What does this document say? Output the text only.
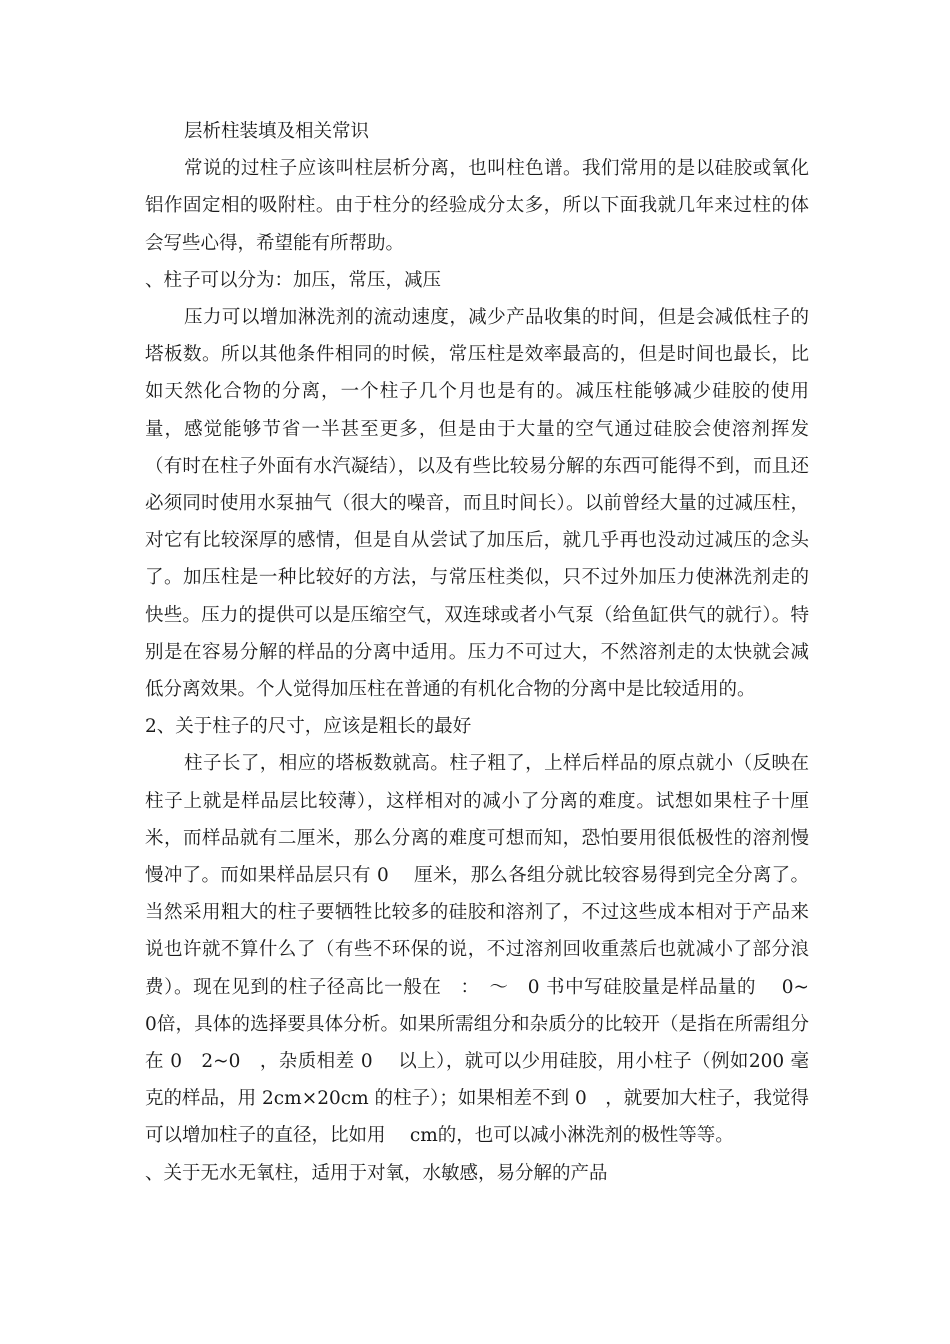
层析柱装填及相关常识

常说的过柱子应该叫柱层析分离，也叫柱色谱。我们常用的是以硅胶或氧化铝作固定相的吸附柱。由于柱分的经验成分太多，所以下面我就几年来过柱的体会写些心得，希望能有所帮助。

、柱子可以分为：加压，常压，减压

压力可以增加淋洗剂的流动速度，减少产品收集的时间，但是会减低柱子的塔板数。所以其他条件相同的时候，常压柱是效率最高的，但是时间也最长，比如天然化合物的分离，一个柱子几个月也是有的。减压柱能够减少硅胶的使用量，感觉能够节省一半甚至更多，但是由于大量的空气通过硅胶会使溶剂挥发（有时在柱子外面有水汽凝结），以及有些比较易分解的东西可能得不到，而且还必须同时使用水泵抽气（很大的噪音，而且时间长）。以前曾经大量的过减压柱，对它有比较深厚的感情，但是自从尝试了加压后，就几乎再也没动过减压的念头了。加压柱是一种比较好的方法，与常压柱类似，只不过外加压力使淋洗剂走的快些。压力的提供可以是压缩空气，双连球或者小气泵（给鱼缸供气的就行）。特别是在容易分解的样品的分离中适用。压力不可过大，不然溶剂走的太快就会减低分离效果。个人觉得加压柱在普通的有机化合物的分离中是比较适用的。

2、关于柱子的尺寸，应该是粗长的最好

柱子长了，相应的塔板数就高。柱子粗了，上样后样品的原点就小（反映在柱子上就是样品层比较薄），这样相对的减小了分离的难度。试想如果柱子十厘米，而样品就有二厘米，那么分离的难度可想而知，恐怕要用很低极性的溶剂慢慢冲了。而如果样品层只有 0　 厘米，那么各组分就比较容易得到完全分离了。当然采用粗大的柱子要牺牲比较多的硅胶和溶剂了，不过这些成本相对于产品来说也许就不算什么了（有些不环保的说，不过溶剂回收重蒸后也就减小了部分浪费）。现在见到的柱子径高比一般在　：　～　0 书中写硅胶量是样品量的　 0~　0倍，具体的选择要具体分析。如果所需组分和杂质分的比较开（是指在所需组分　 在 0　2~0　，杂质相差 0　 以上），就可以少用硅胶，用小柱子（例如200 毫克的样品，用 2cm×20cm 的柱子）；如果相差不到 0　，就要加大柱子，我觉得可以增加柱子的直径，比如用　 cm的，也可以减小淋洗剂的极性等等。

、关于无水无氧柱，适用于对氧，水敏感，易分解的产品
